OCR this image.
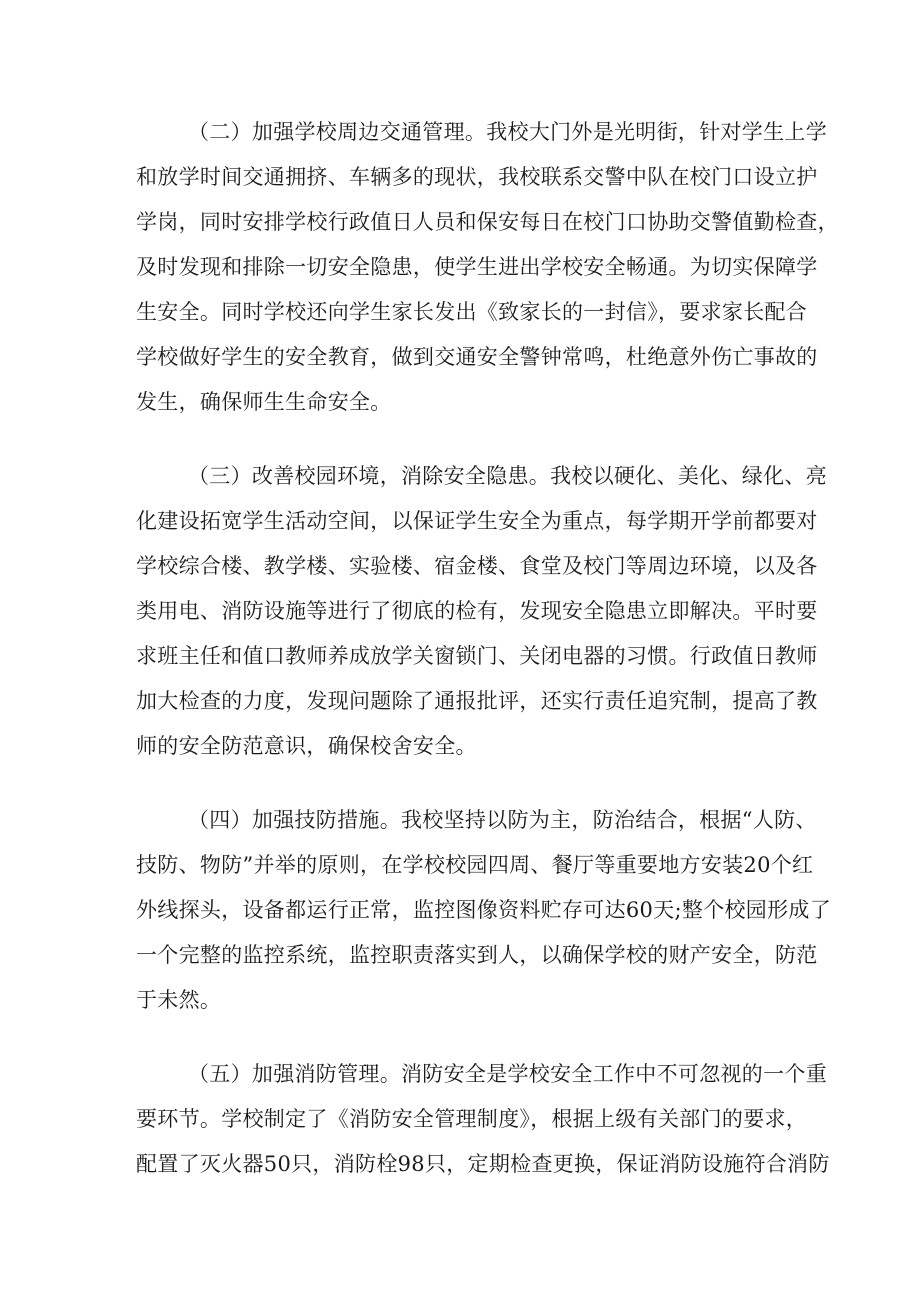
（二）加强学校周边交通管理。我校大门外是光明街，针对学生上学
和放学时间交通拥挤、车辆多的现状，我校联系交警中队在校门口设立护
学岗，同时安排学校行政值日人员和保安每日在校门口协助交警值勤检查，
及时发现和排除一切安全隐患，使学生进出学校安全畅通。为切实保障学
生安全。同时学校还向学生家长发出《致家长的一封信》，要求家长配合
学校做好学生的安全教育，做到交通安全警钟常鸣，杜绝意外伤亡事故的
发生，确保师生生命安全。
（三）改善校园环境，消除安全隐患。我校以硬化、美化、绿化、亮
化建设拓宽学生活动空间，以保证学生安全为重点，每学期开学前都要对
学校综合楼、教学楼、实验楼、宿金楼、食堂及校门等周边环境，以及各
类用电、消防设施等进行了彻底的检有，发现安全隐患立即解决。平时要
求班主任和值口教师养成放学关窗锁门、关闭电器的习惯。行政值日教师
加大检查的力度，发现问题除了通报批评，还实行责任追究制，提高了教
师的安全防范意识，确保校舍安全。
（四）加强技防措施。我校坚持以防为主，防治结合，根据“人防、
技防、物防”并举的原则，在学校校园四周、餐厅等重要地方安装20个红
外线探头，设备都运行正常，监控图像资料贮存可达60天;整个校园形成了
一个完整的监控系统，监控职责落实到人，以确保学校的财产安全，防范
于未然。
（五）加强消防管理。消防安全是学校安全工作中不可忽视的一个重
要环节。学校制定了《消防安全管理制度》，根据上级有关部门的要求，
配置了灭火器50只，消防栓98只，定期检查更换，保证消防设施符合消防
